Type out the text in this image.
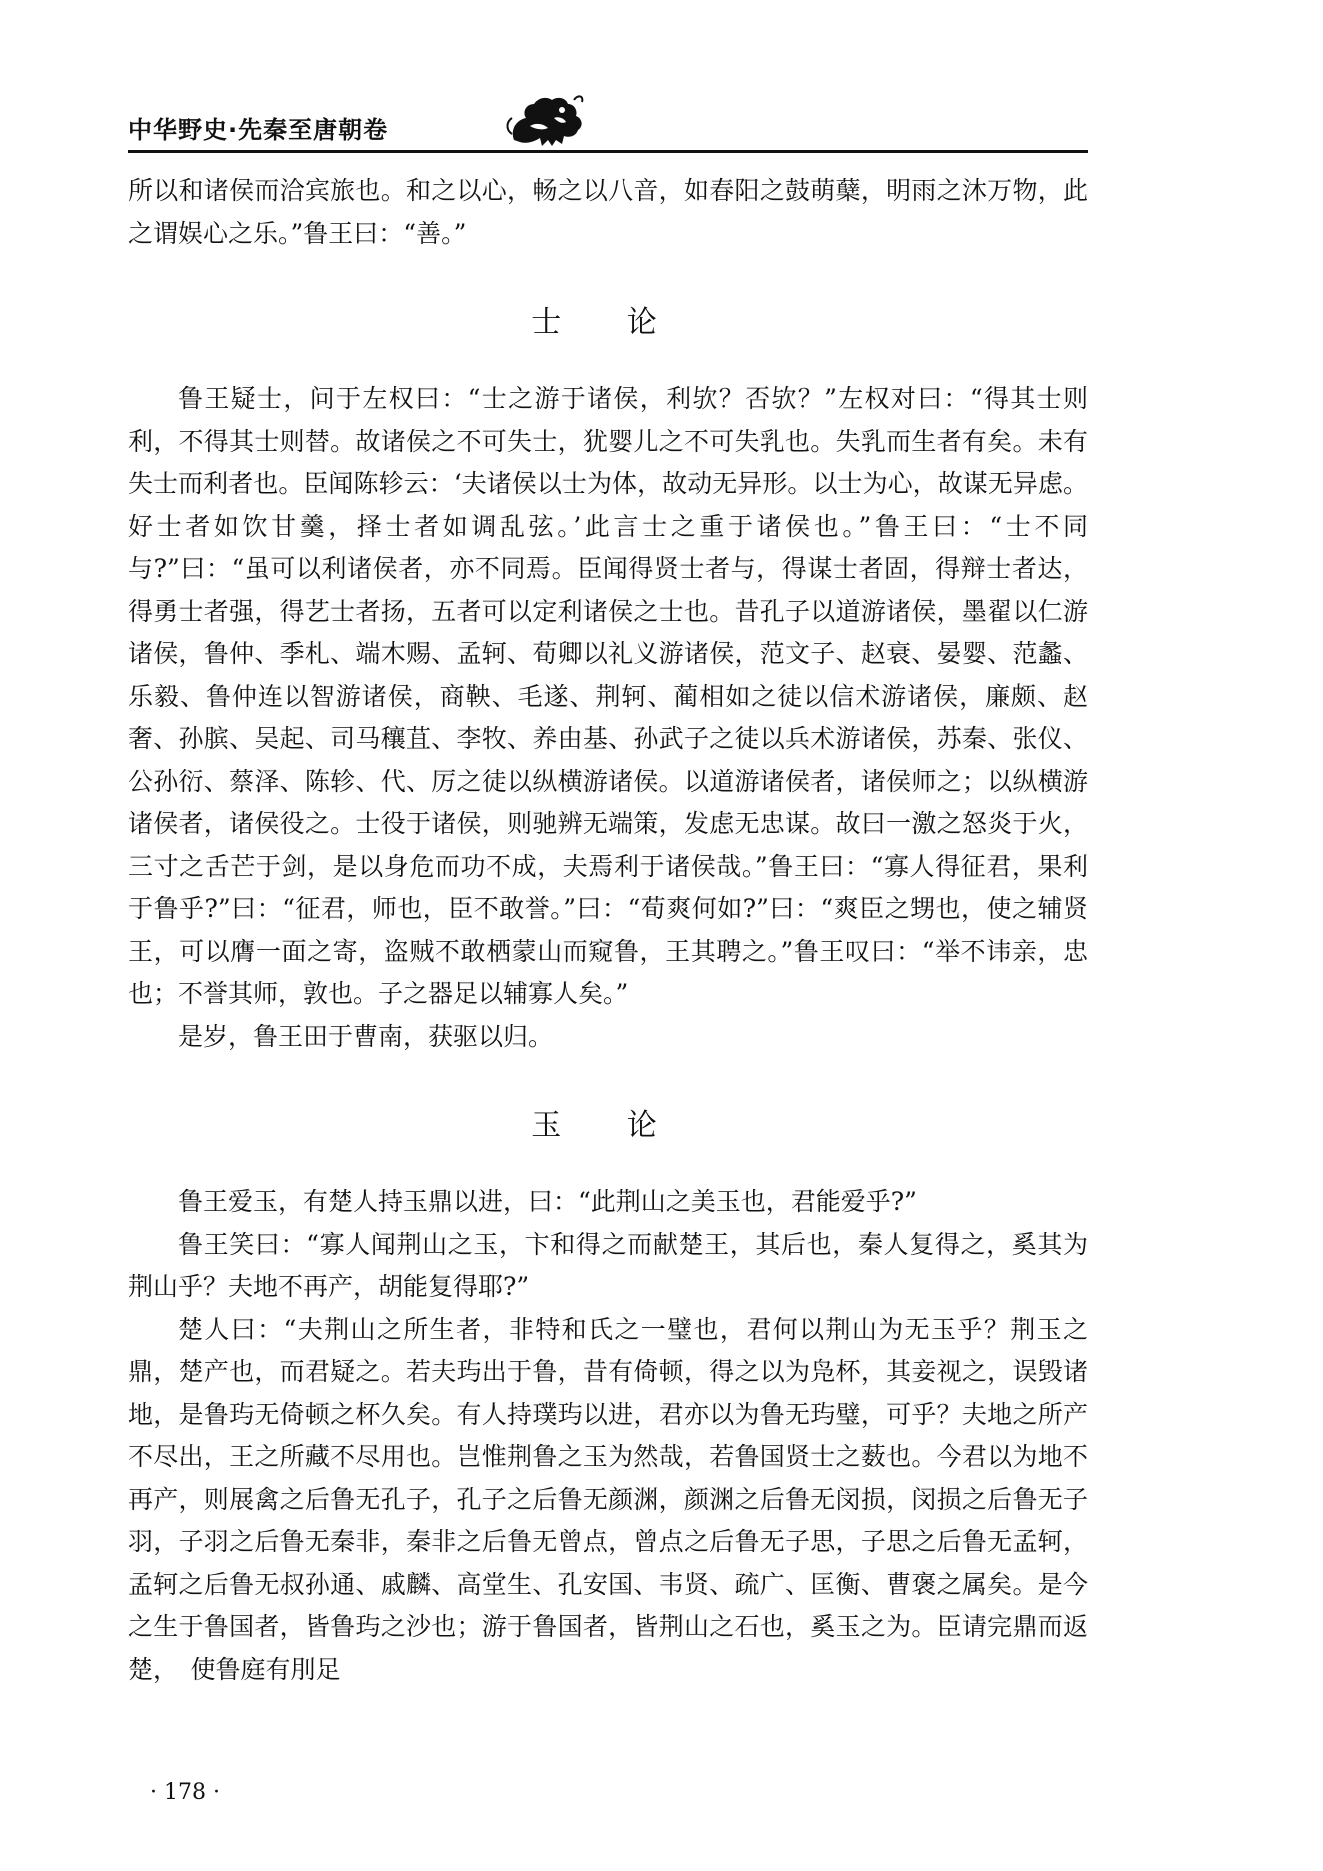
中华野史·先秦至唐朝卷

所以和诸侯而洽宾旅也。和之以心，畅之以八音，如春阳之鼓萌蘖，明雨之沐万物，此之谓娱心之乐。”鲁王曰：“善。”

士 论

鲁王疑士，问于左权曰：“士之游于诸侯，利欤？否欤？”左权对曰：“得其士则利，不得其士则替。故诸侯之不可失士，犹婴儿之不可失乳也。失乳而生者有矣。未有失士而利者也。臣闻陈轸云：‘夫诸侯以士为体，故动无异形。以士为心，故谋无异虑。好士者如饮甘羹，择士者如调乱弦。’此言士之重于诸侯也。”鲁王曰：“士不同与?”曰：“虽可以利诸侯者，亦不同焉。臣闻得贤士者与，得谋士者固，得辩士者达，得勇士者强，得艺士者扬，五者可以定利诸侯之士也。昔孔子以道游诸侯，墨翟以仁游诸侯，鲁仲、季札、端木赐、孟轲、荀卿以礼义游诸侯，范文子、赵衰、晏婴、范蠡、乐毅、鲁仲连以智游诸侯，商鞅、毛遂、荆轲、蔺相如之徒以信术游诸侯，廉颇、赵奢、孙膑、吴起、司马穰苴、李牧、养由基、孙武子之徒以兵术游诸侯，苏秦、张仪、公孙衍、蔡泽、陈轸、代、厉之徒以纵横游诸侯。以道游诸侯者，诸侯师之；以纵横游诸侯者，诸侯役之。士役于诸侯，则驰辨无端策，发虑无忠谋。故曰一激之怒炎于火，三寸之舌芒于剑，是以身危而功不成，夫焉利于诸侯哉。”鲁王曰：“寡人得征君，果利于鲁乎?”曰：“征君，师也，臣不敢誉。”曰：“荀爽何如?”曰：“爽臣之甥也，使之辅贤王，可以膺一面之寄，盗贼不敢栖蒙山而窥鲁，王其聘之。”鲁王叹曰：“举不讳亲，忠也；不誉其师，敦也。子之器足以辅寡人矣。”

是岁，鲁王田于曹南，获驱以归。

玉 论

鲁王爱玉，有楚人持玉鼎以进，曰：“此荆山之美玉也，君能爱乎?”

鲁王笑曰：“寡人闻荆山之玉，卞和得之而献楚王，其后也，秦人复得之，奚其为荆山乎？夫地不再产，胡能复得耶?”

楚人曰：“夫荆山之所生者，非特和氏之一璧也，君何以荆山为无玉乎？荆玉之鼎，楚产也，而君疑之。若夫玙出于鲁，昔有倚顿，得之以为凫杯，其妾视之，误毁诸地，是鲁玙无倚顿之杯久矣。有人持璞玙以进，君亦以为鲁无玙璧，可乎？夫地之所产不尽出，王之所藏不尽用也。岂惟荆鲁之玉为然哉，若鲁国贤士之薮也。今君以为地不再产，则展禽之后鲁无孔子，孔子之后鲁无颜渊，颜渊之后鲁无闵损，闵损之后鲁无子羽，子羽之后鲁无秦非，秦非之后鲁无曾点，曾点之后鲁无子思，子思之后鲁无孟轲，孟轲之后鲁无叔孙通、戚麟、高堂生、孔安国、韦贤、疏广、匡衡、曹褒之属矣。是今之生于鲁国者，皆鲁玙之沙也；游于鲁国者，皆荆山之石也，奚玉之为。臣请完鼎而返楚，　使鲁庭有刖足

· 178 ·
